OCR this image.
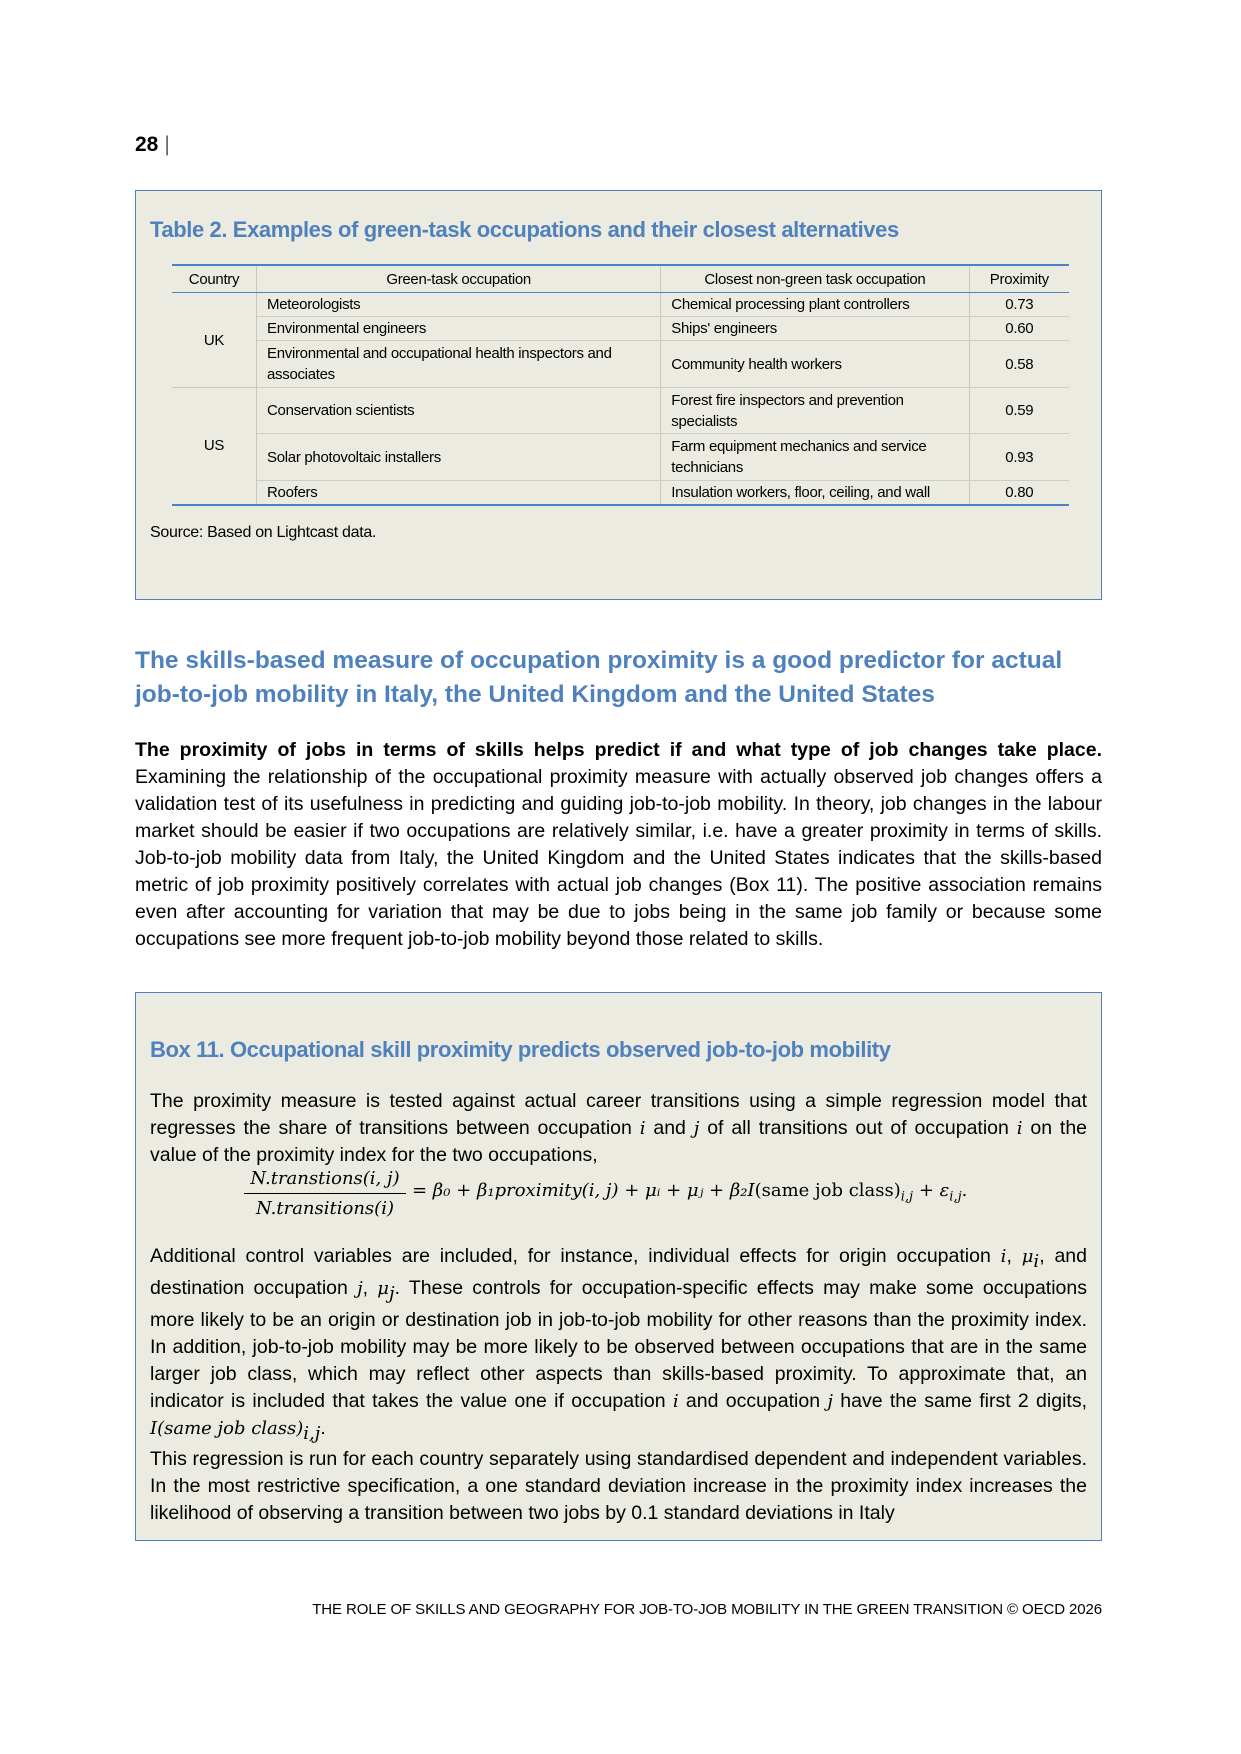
28 |
Table 2. Examples of green-task occupations and their closest alternatives
Country	Green-task occupation	Closest non-green task occupation	Proximity
UK	Meteorologists	Chemical processing plant controllers	0.73
	Environmental engineers	Ships' engineers	0.60
	Environmental and occupational health inspectors and associates	Community health workers	0.58
US	Conservation scientists	Forest fire inspectors and prevention specialists	0.59
	Solar photovoltaic installers	Farm equipment mechanics and service technicians	0.93
	Roofers	Insulation workers, floor, ceiling, and wall	0.80
Source: Based on Lightcast data.
The skills-based measure of occupation proximity is a good predictor for actual job-to-job mobility in Italy, the United Kingdom and the United States
The proximity of jobs in terms of skills helps predict if and what type of job changes take place. Examining the relationship of the occupational proximity measure with actually observed job changes offers a validation test of its usefulness in predicting and guiding job-to-job mobility. In theory, job changes in the labour market should be easier if two occupations are relatively similar, i.e. have a greater proximity in terms of skills. Job-to-job mobility data from Italy, the United Kingdom and the United States indicates that the skills-based metric of job proximity positively correlates with actual job changes (Box 11). The positive association remains even after accounting for variation that may be due to jobs being in the same job family or because some occupations see more frequent job-to-job mobility beyond those related to skills.
Box 11. Occupational skill proximity predicts observed job-to-job mobility
The proximity measure is tested against actual career transitions using a simple regression model that regresses the share of transitions between occupation i and j of all transitions out of occupation i on the value of the proximity index for the two occupations,
N.transtions(i, j)
N.transitions(i)
= β₀ + β₁proximity(i, j) + μᵢ + μⱼ + β₂I(same job $class)_{i,j} + \varepsilon_{i,j}$.
Additional control variables are included, for instance, individual effects for origin occupation i, $\mu_i$, and destination occupation j, $\mu_j$. These controls for occupation-specific effects may make some occupations more likely to be an origin or destination job in job-to-job mobility for other reasons than the proximity index. In addition, job-to-job mobility may be more likely to be observed between occupations that are in the same larger job class, which may reflect other aspects than skills-based proximity. To approximate that, an indicator is included that takes the value one if occupation i and occupation j have the same first 2 digits, I(same job $class)_{i,j}$.
This regression is run for each country separately using standardised dependent and independent variables. In the most restrictive specification, a one standard deviation increase in the proximity index increases the likelihood of observing a transition between two jobs by 0.1 standard deviations in Italy
THE ROLE OF SKILLS AND GEOGRAPHY FOR JOB-TO-JOB MOBILITY IN THE GREEN TRANSITION © OECD 2026
